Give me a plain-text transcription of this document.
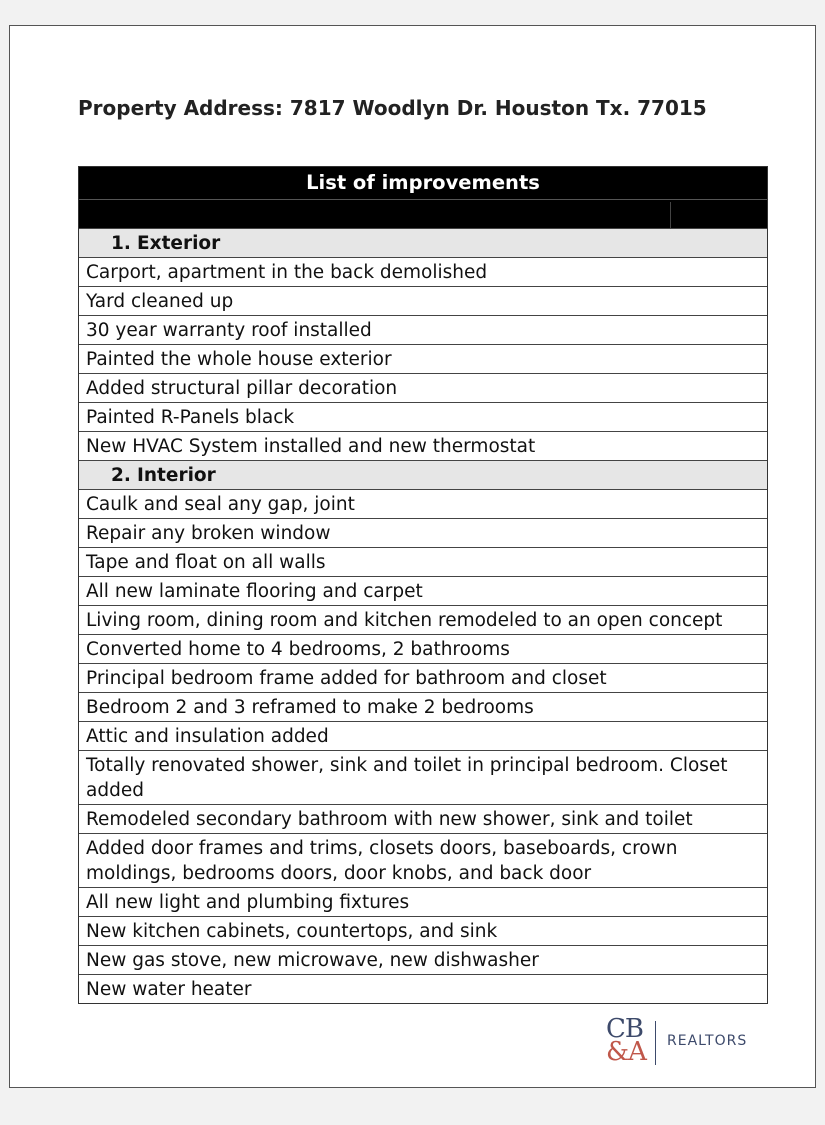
Property Address: 7817 Woodlyn Dr. Houston Tx. 77015
List of improvements
1. Exterior
Carport, apartment in the back demolished
Yard cleaned up
30 year warranty roof installed
Painted the whole house exterior
Added structural pillar decoration
Painted R-Panels black
New HVAC System installed and new thermostat
2. Interior
Caulk and seal any gap, joint
Repair any broken window
Tape and float on all walls
All new laminate flooring and carpet
Living room, dining room and kitchen remodeled to an open concept
Converted home to 4 bedrooms, 2 bathrooms
Principal bedroom frame added for bathroom and closet
Bedroom 2 and 3 reframed to make 2 bedrooms
Attic and insulation added
Totally renovated shower, sink and toilet in principal bedroom. Closet added
Remodeled secondary bathroom with new shower, sink and toilet
Added door frames and trims, closets doors, baseboards, crown moldings, bedrooms doors, door knobs, and back door
All new light and plumbing fixtures
New kitchen cabinets, countertops, and sink
New gas stove, new microwave, new dishwasher
New water heater
CB
&A REALTORS
